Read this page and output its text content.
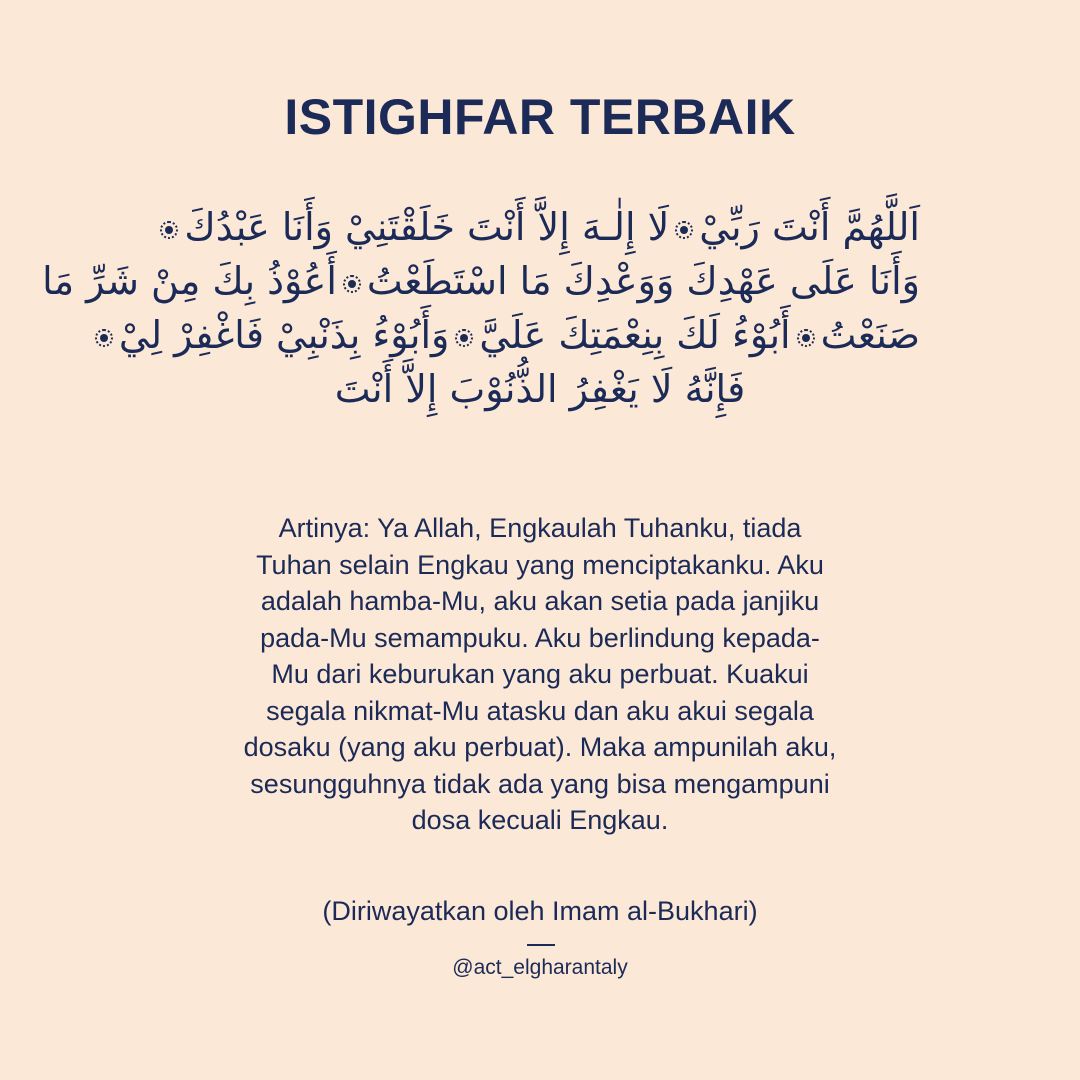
ISTIGHFAR TERBAIK
اَللَّهُمَّ أَنْتَ رَبِّيْلَا إِلٰـهَ إِلاَّ أَنْتَ خَلَقْتَنِيْ وَأَنَا عَبْدُكَ
وَأَنَا عَلَى عَهْدِكَ وَوَعْدِكَ مَا اسْتَطَعْتُأَعُوْذُ بِكَ مِنْ شَرِّ مَا
صَنَعْتُأَبُوْءُ لَكَ بِنِعْمَتِكَ عَلَيَّوَأَبُوْءُ بِذَنْبِيْ فَاغْفِرْ لِيْ
فَإِنَّهُ لَا يَغْفِرُ الذُّنُوْبَ إِلاَّ أَنْتَ
Artinya: Ya Allah, Engkaulah Tuhanku, tiada
Tuhan selain Engkau yang menciptakanku. Aku
adalah hamba-Mu, aku akan setia pada janjiku
pada-Mu semampuku. Aku berlindung kepada-
Mu dari keburukan yang aku perbuat. Kuakui
segala nikmat-Mu atasku dan aku akui segala
dosaku (yang aku perbuat). Maka ampunilah aku,
sesungguhnya tidak ada yang bisa mengampuni
dosa kecuali Engkau.

(Diriwayatkan oleh Imam al-Bukhari)

@act_elgharantaly
